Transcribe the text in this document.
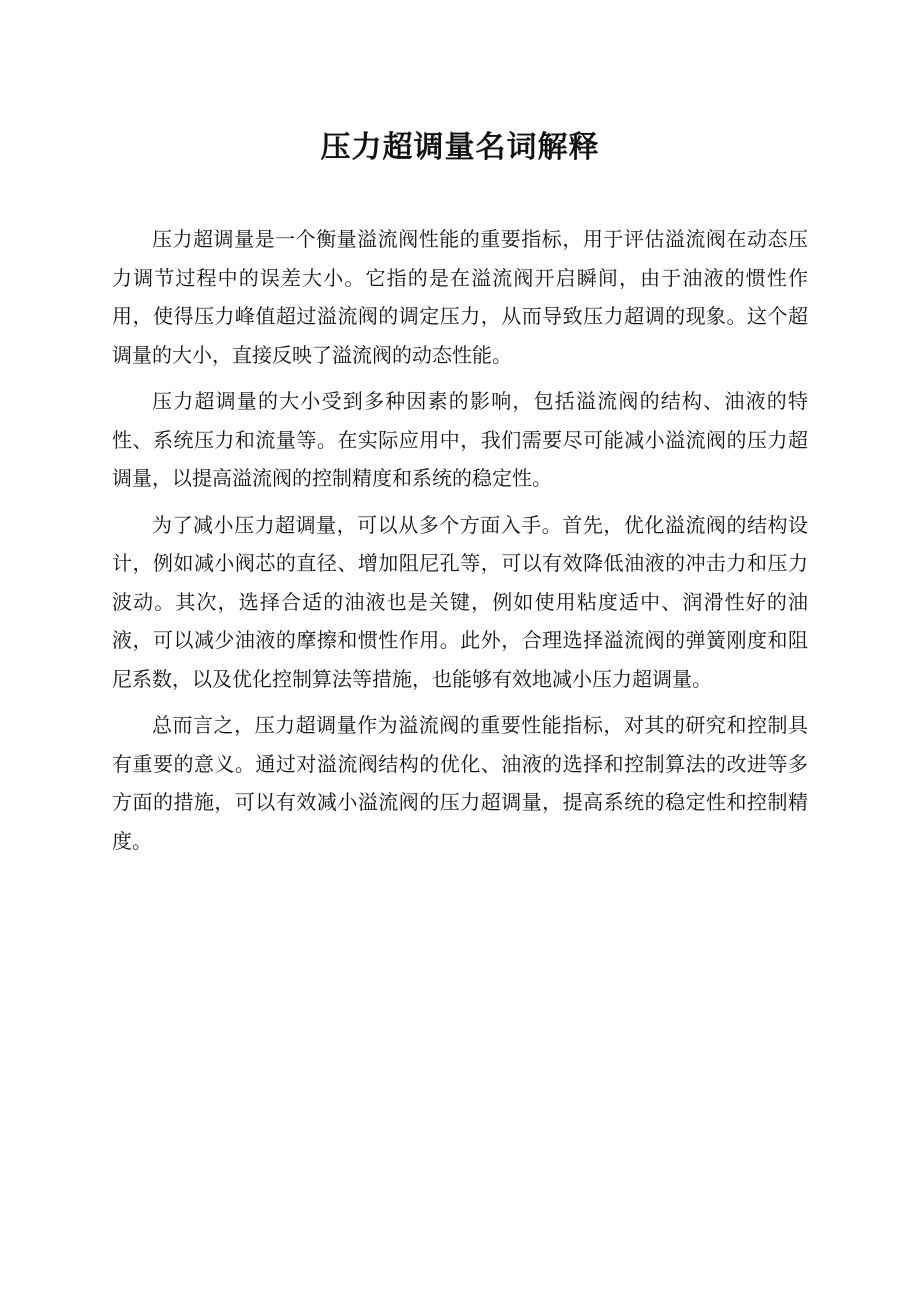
压力超调量名词解释

压力超调量是一个衡量溢流阀性能的重要指标，用于评估溢流阀在动态压力调节过程中的误差大小。它指的是在溢流阀开启瞬间，由于油液的惯性作用，使得压力峰值超过溢流阀的调定压力，从而导致压力超调的现象。这个超调量的大小，直接反映了溢流阀的动态性能。

压力超调量的大小受到多种因素的影响，包括溢流阀的结构、油液的特性、系统压力和流量等。在实际应用中，我们需要尽可能减小溢流阀的压力超调量，以提高溢流阀的控制精度和系统的稳定性。

为了减小压力超调量，可以从多个方面入手。首先，优化溢流阀的结构设计，例如减小阀芯的直径、增加阻尼孔等，可以有效降低油液的冲击力和压力波动。其次，选择合适的油液也是关键，例如使用粘度适中、润滑性好的油液，可以减少油液的摩擦和惯性作用。此外，合理选择溢流阀的弹簧刚度和阻尼系数，以及优化控制算法等措施，也能够有效地减小压力超调量。

总而言之，压力超调量作为溢流阀的重要性能指标，对其的研究和控制具有重要的意义。通过对溢流阀结构的优化、油液的选择和控制算法的改进等多方面的措施，可以有效减小溢流阀的压力超调量，提高系统的稳定性和控制精度。
